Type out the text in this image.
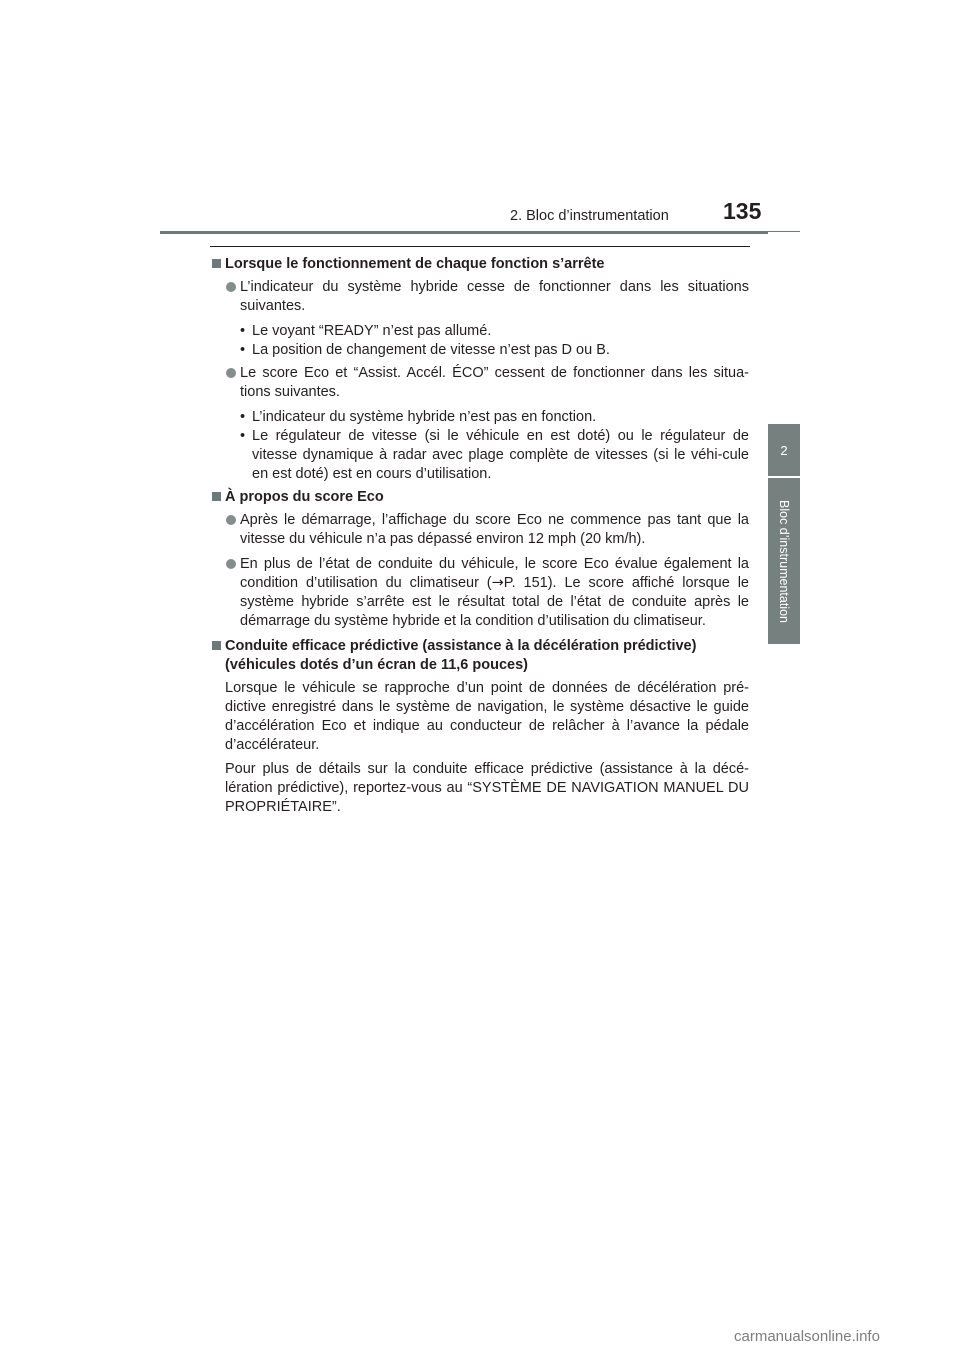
2. Bloc d’instrumentation 135
2
Bloc d’instrumentation
Lorsque le fonctionnement de chaque fonction s’arrête
L’indicateur du système hybride cesse de fonctionner dans les situations suivantes.
• Le voyant “READY” n’est pas allumé.
• La position de changement de vitesse n’est pas D ou B.
Le score Eco et “Assist. Accél. ÉCO” cessent de fonctionner dans les situa-tions suivantes.
• L’indicateur du système hybride n’est pas en fonction.
• Le régulateur de vitesse (si le véhicule en est doté) ou le régulateur de vitesse dynamique à radar avec plage complète de vitesses (si le véhi-cule en est doté) est en cours d’utilisation.
À propos du score Eco
Après le démarrage, l’affichage du score Eco ne commence pas tant que la vitesse du véhicule n’a pas dépassé environ 12 mph (20 km/h).
En plus de l’état de conduite du véhicule, le score Eco évalue également la condition d’utilisation du climatiseur (→P. 151). Le score affiché lorsque le système hybride s’arrête est le résultat total de l’état de conduite après le démarrage du système hybride et la condition d’utilisation du climatiseur.
Conduite efficace prédictive (assistance à la décélération prédictive) (véhicules dotés d’un écran de 11,6 pouces)
Lorsque le véhicule se rapproche d’un point de données de décélération pré-dictive enregistré dans le système de navigation, le système désactive le guide d’accélération Eco et indique au conducteur de relâcher à l’avance la pédale d’accélérateur.
Pour plus de détails sur la conduite efficace prédictive (assistance à la décé-lération prédictive), reportez-vous au “SYSTÈME DE NAVIGATION MANUEL DU PROPRIÉTAIRE”.
carmanualsonline.info
